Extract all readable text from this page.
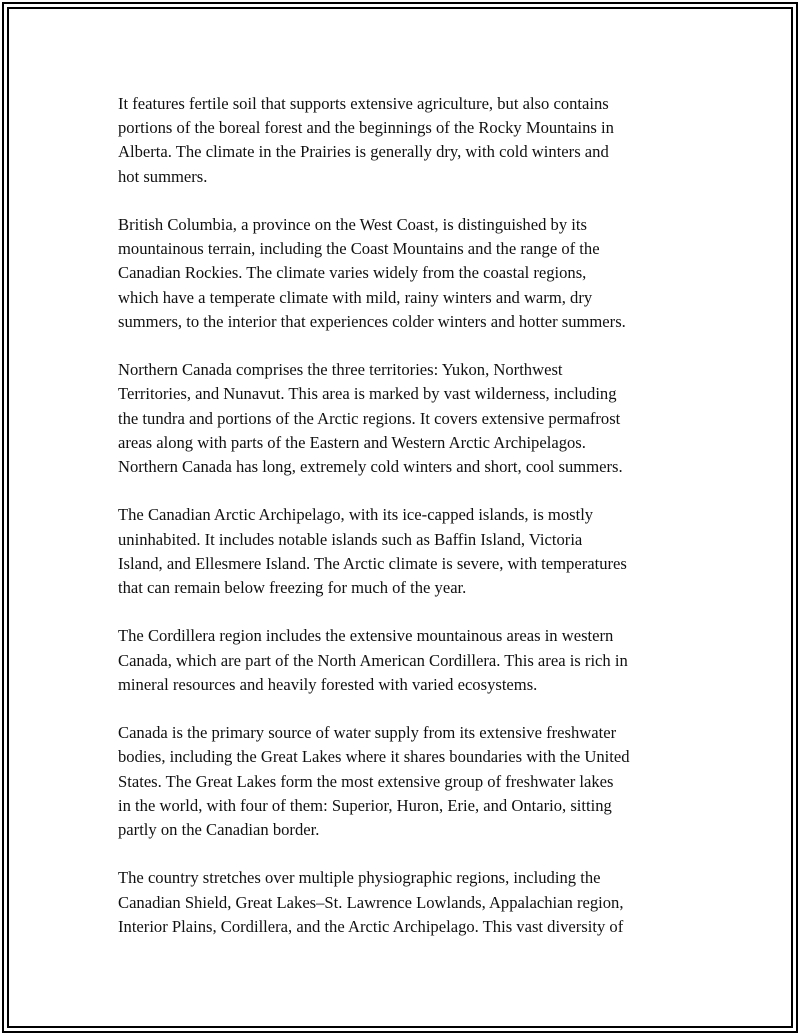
It features fertile soil that supports extensive agriculture, but also contains
portions of the boreal forest and the beginnings of the Rocky Mountains in
Alberta. The climate in the Prairies is generally dry, with cold winters and
hot summers.

British Columbia, a province on the West Coast, is distinguished by its
mountainous terrain, including the Coast Mountains and the range of the
Canadian Rockies. The climate varies widely from the coastal regions,
which have a temperate climate with mild, rainy winters and warm, dry
summers, to the interior that experiences colder winters and hotter summers.

Northern Canada comprises the three territories: Yukon, Northwest
Territories, and Nunavut. This area is marked by vast wilderness, including
the tundra and portions of the Arctic regions. It covers extensive permafrost
areas along with parts of the Eastern and Western Arctic Archipelagos.
Northern Canada has long, extremely cold winters and short, cool summers.

The Canadian Arctic Archipelago, with its ice-capped islands, is mostly
uninhabited. It includes notable islands such as Baffin Island, Victoria
Island, and Ellesmere Island. The Arctic climate is severe, with temperatures
that can remain below freezing for much of the year.

The Cordillera region includes the extensive mountainous areas in western
Canada, which are part of the North American Cordillera. This area is rich in
mineral resources and heavily forested with varied ecosystems.

Canada is the primary source of water supply from its extensive freshwater
bodies, including the Great Lakes where it shares boundaries with the United
States. The Great Lakes form the most extensive group of freshwater lakes
in the world, with four of them: Superior, Huron, Erie, and Ontario, sitting
partly on the Canadian border.

The country stretches over multiple physiographic regions, including the
Canadian Shield, Great Lakes–St. Lawrence Lowlands, Appalachian region,
Interior Plains, Cordillera, and the Arctic Archipelago. This vast diversity of
